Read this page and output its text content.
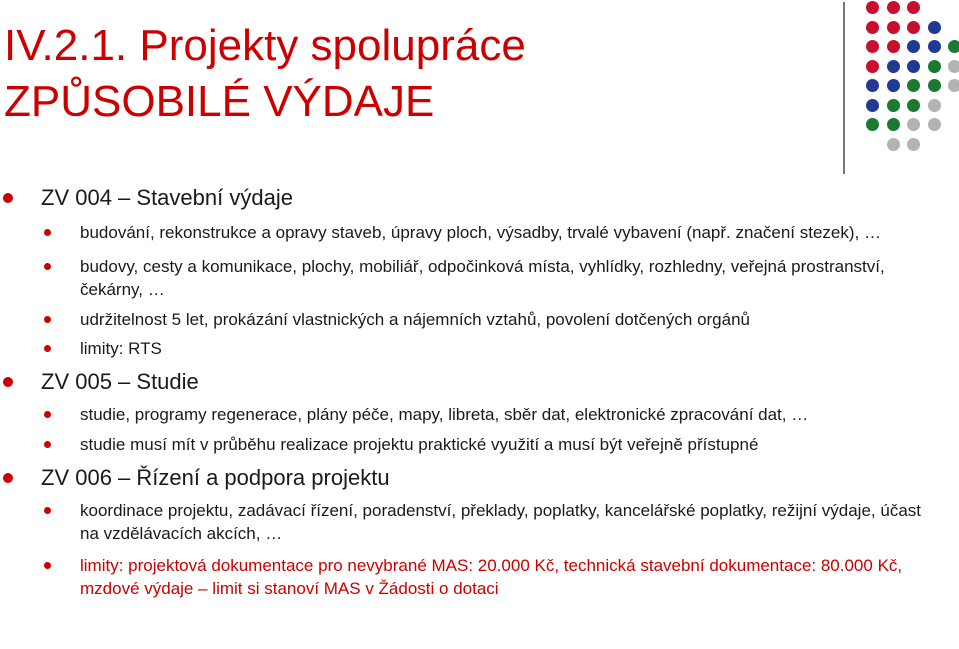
IV.2.1. Projekty spolupráce
ZPŮSOBILÉ VÝDAJE
ZV 004 – Stavební výdaje
budování, rekonstrukce a opravy staveb, úpravy ploch, výsadby, trvalé vybavení (např. značení stezek), …
budovy, cesty a komunikace, plochy, mobiliář, odpočinková místa, vyhlídky, rozhledny, veřejná prostranství, čekárny, …
udržitelnost 5 let, prokázání vlastnických a nájemních vztahů, povolení dotčených orgánů
limity: RTS
ZV 005 – Studie
studie, programy regenerace, plány péče, mapy, libreta, sběr dat, elektronické zpracování dat, …
studie musí mít v průběhu realizace projektu praktické využití a musí být veřejně přístupné
ZV 006 – Řízení a podpora projektu
koordinace projektu, zadávací řízení, poradenství, překlady, poplatky, kancelářské poplatky, režijní výdaje, účast na vzdělávacích akcích, …
limity: projektová dokumentace pro nevybrané MAS: 20.000 Kč, technická stavební dokumentace: 80.000 Kč, mzdové výdaje – limit si stanoví MAS v Žádosti o dotaci
